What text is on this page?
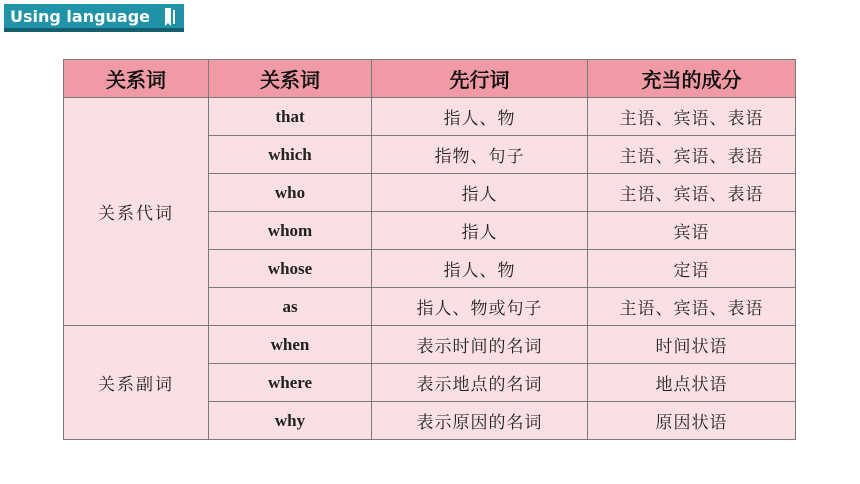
Using language
关系词	关系词	先行词	充当的成分
关系代词	that	指人、物	主语、宾语、表语
	which	指物、句子	主语、宾语、表语
	who	指人	主语、宾语、表语
	whom	指人	宾语
	whose	指人、物	定语
	as	指人、物或句子	主语、宾语、表语
关系副词	when	表示时间的名词	时间状语
	where	表示地点的名词	地点状语
	why	表示原因的名词	原因状语
